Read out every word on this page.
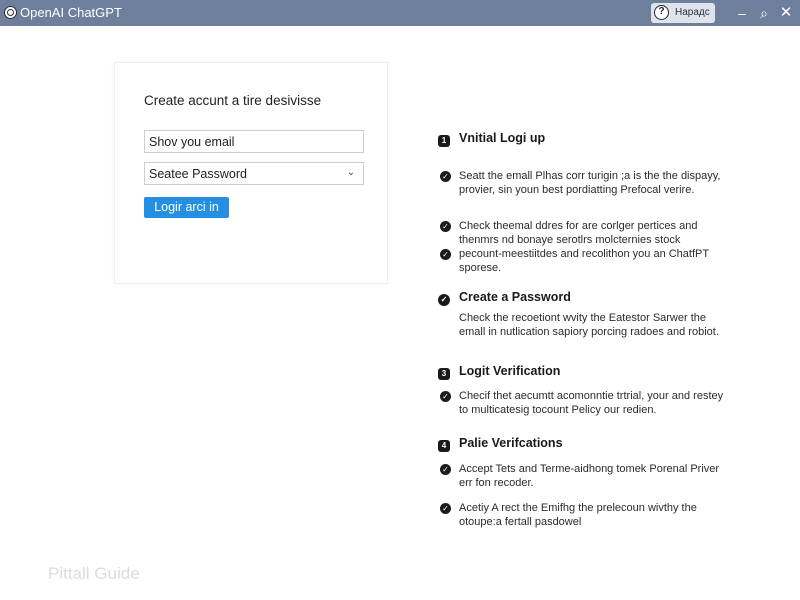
OpenAI ChatGPT	?	Нарадс	–	⌕ ✕
Create accunt a tire desivisse
Shov you email
Seatee Password
⌄
Logir arci in
1 Vnitial Logi up
✓ Seatt the emall Plhas corr turigin ;a is the the dispayy, provier, sin youn best pordiatting Prefocal verire.
✓ Check theemal ddres for are corlger pertices and thenmrs nd bonaye serotlrs molcternies stock
✓ pecount-meestiitdes and recolithon you an ChatfPT sporese.
✓ Create a Password
Check the recoetiont wvity the Eatestor Sarwer the emall in nutlication sapiory porcing radoes and robiot.
3 Logit Verification
✓ Checif thet aecumtt acomonntie trtrial, your and restey to multicatesig tocount Pelicy our redien.
4 Palie Verifcations
✓ Accept Tets and Terme-aidhong tomek Porenal Priver err fon recoder.
✓ Acetiy A rect the Emifhg the prelecoun wivthy the otoupe:a fertall pasdowel
Pittall Guide
